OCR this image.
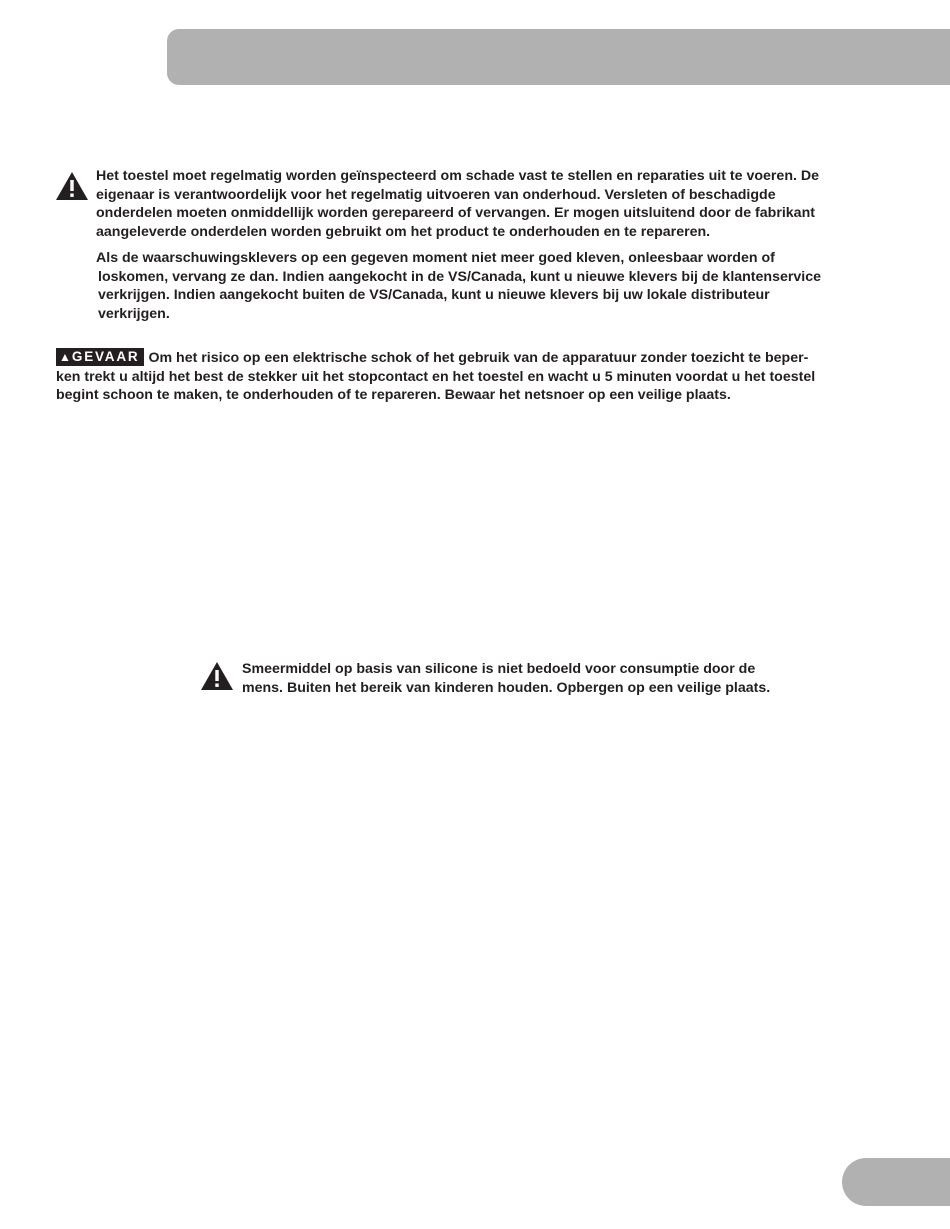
Het toestel moet regelmatig worden geïnspecteerd om schade vast te stellen en reparaties uit te voeren. De
eigenaar is verantwoordelijk voor het regelmatig uitvoeren van onderhoud. Versleten of beschadigde
onderdelen moeten onmiddellijk worden gerepareerd of vervangen. Er mogen uitsluitend door de fabrikant
aangeleverde onderdelen worden gebruikt om het product te onderhouden en te repareren.
Als de waarschuwingsklevers op een gegeven moment niet meer goed kleven, onleesbaar worden of
loskomen, vervang ze dan. Indien aangekocht in de VS/Canada, kunt u nieuwe klevers bij de klantenservice
verkrijgen. Indien aangekocht buiten de VS/Canada, kunt u nieuwe klevers bij uw lokale distributeur
verkrijgen.
▲GEVAAR Om het risico op een elektrische schok of het gebruik van de apparatuur zonder toezicht te beper-
ken trekt u altijd het best de stekker uit het stopcontact en het toestel en wacht u 5 minuten voordat u het toestel
begint schoon te maken, te onderhouden of te repareren. Bewaar het netsnoer op een veilige plaats.
Smeermiddel op basis van silicone is niet bedoeld voor consumptie door de
mens. Buiten het bereik van kinderen houden. Opbergen op een veilige plaats.
